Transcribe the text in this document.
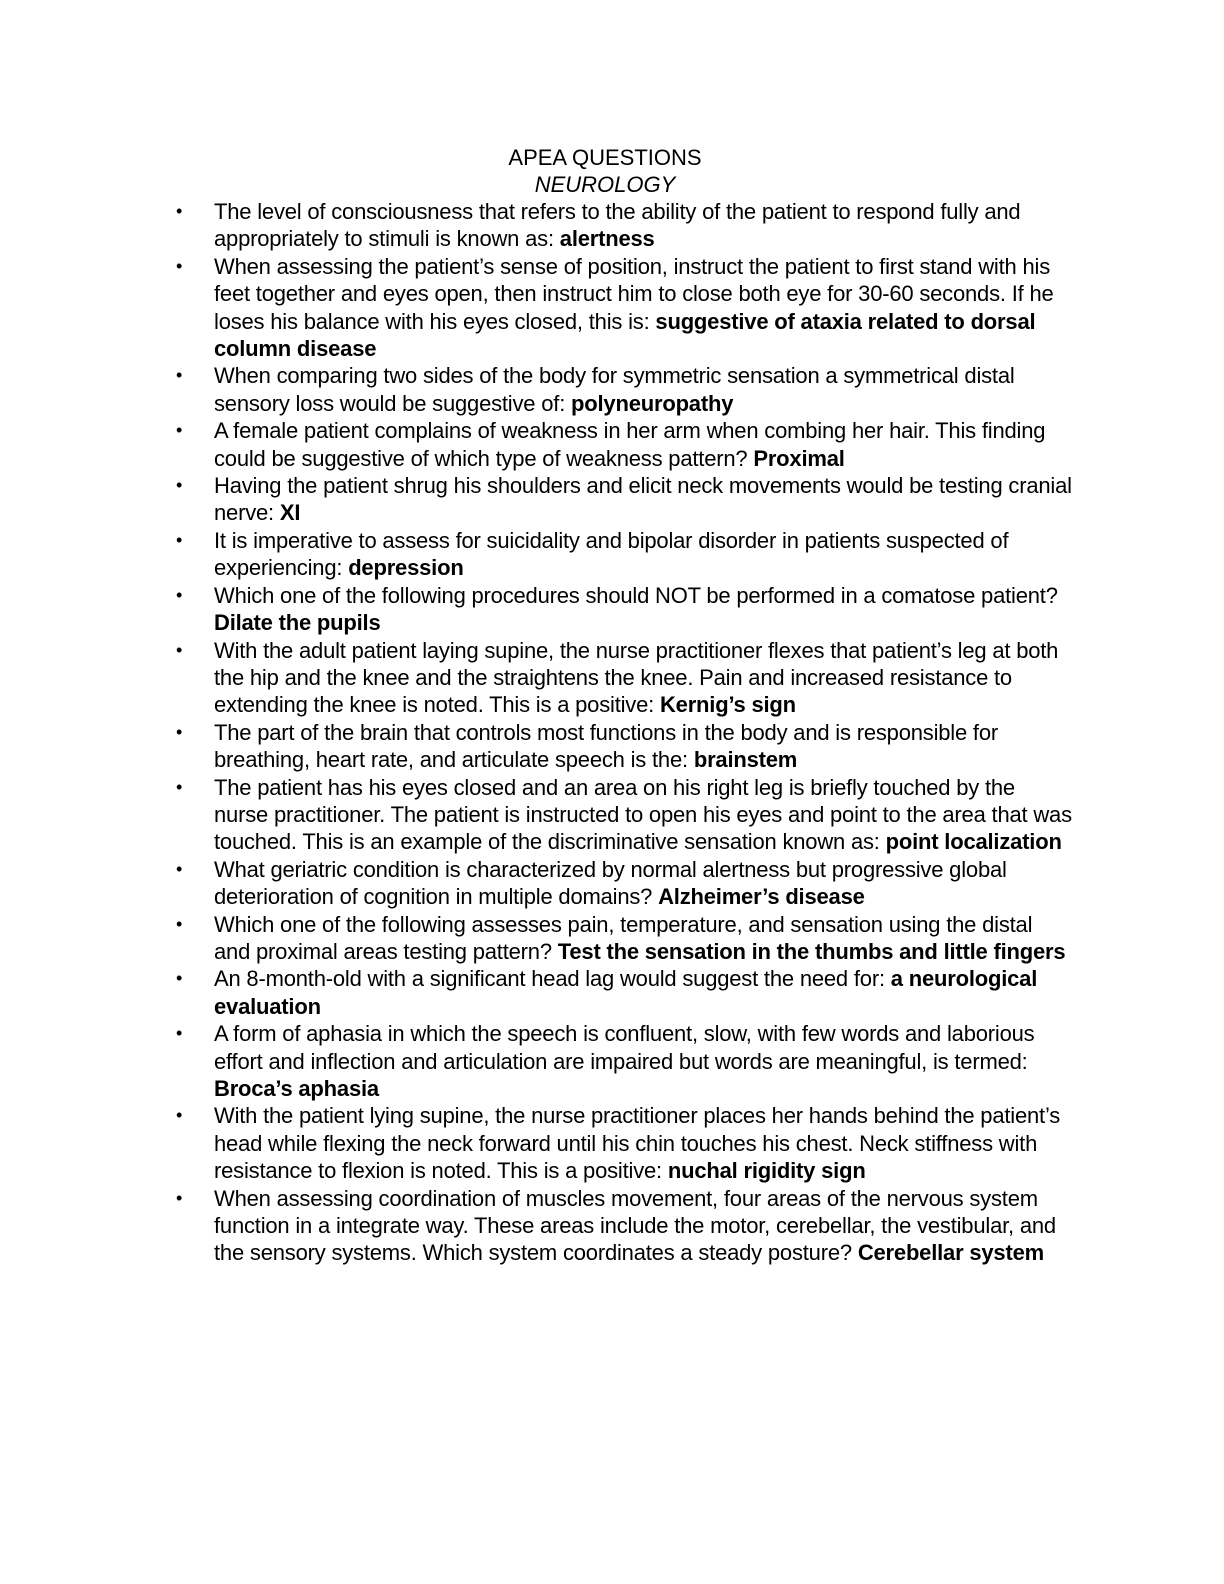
APEA QUESTIONS
NEUROLOGY
• The level of consciousness that refers to the ability of the patient to respond fully and appropriately to stimuli is known as: alertness
• When assessing the patient’s sense of position, instruct the patient to first stand with his feet together and eyes open, then instruct him to close both eye for 30-60 seconds. If he loses his balance with his eyes closed, this is: suggestive of ataxia related to dorsal column disease
• When comparing two sides of the body for symmetric sensation a symmetrical distal sensory loss would be suggestive of: polyneuropathy
• A female patient complains of weakness in her arm when combing her hair. This finding could be suggestive of which type of weakness pattern? Proximal
• Having the patient shrug his shoulders and elicit neck movements would be testing cranial nerve: XI
• It is imperative to assess for suicidality and bipolar disorder in patients suspected of experiencing: depression
• Which one of the following procedures should NOT be performed in a comatose patient? Dilate the pupils
• With the adult patient laying supine, the nurse practitioner flexes that patient’s leg at both the hip and the knee and the straightens the knee. Pain and increased resistance to extending the knee is noted. This is a positive: Kernig’s sign
• The part of the brain that controls most functions in the body and is responsible for breathing, heart rate, and articulate speech is the: brainstem
• The patient has his eyes closed and an area on his right leg is briefly touched by the nurse practitioner. The patient is instructed to open his eyes and point to the area that was touched. This is an example of the discriminative sensation known as: point localization
• What geriatric condition is characterized by normal alertness but progressive global deterioration of cognition in multiple domains? Alzheimer’s disease
• Which one of the following assesses pain, temperature, and sensation using the distal and proximal areas testing pattern? Test the sensation in the thumbs and little fingers
• An 8-month-old with a significant head lag would suggest the need for: a neurological evaluation
• A form of aphasia in which the speech is confluent, slow, with few words and laborious effort and inflection and articulation are impaired but words are meaningful, is termed: Broca’s aphasia
• With the patient lying supine, the nurse practitioner places her hands behind the patient’s head while flexing the neck forward until his chin touches his chest. Neck stiffness with resistance to flexion is noted. This is a positive: nuchal rigidity sign
• When assessing coordination of muscles movement, four areas of the nervous system function in a integrate way. These areas include the motor, cerebellar, the vestibular, and the sensory systems. Which system coordinates a steady posture? Cerebellar system
